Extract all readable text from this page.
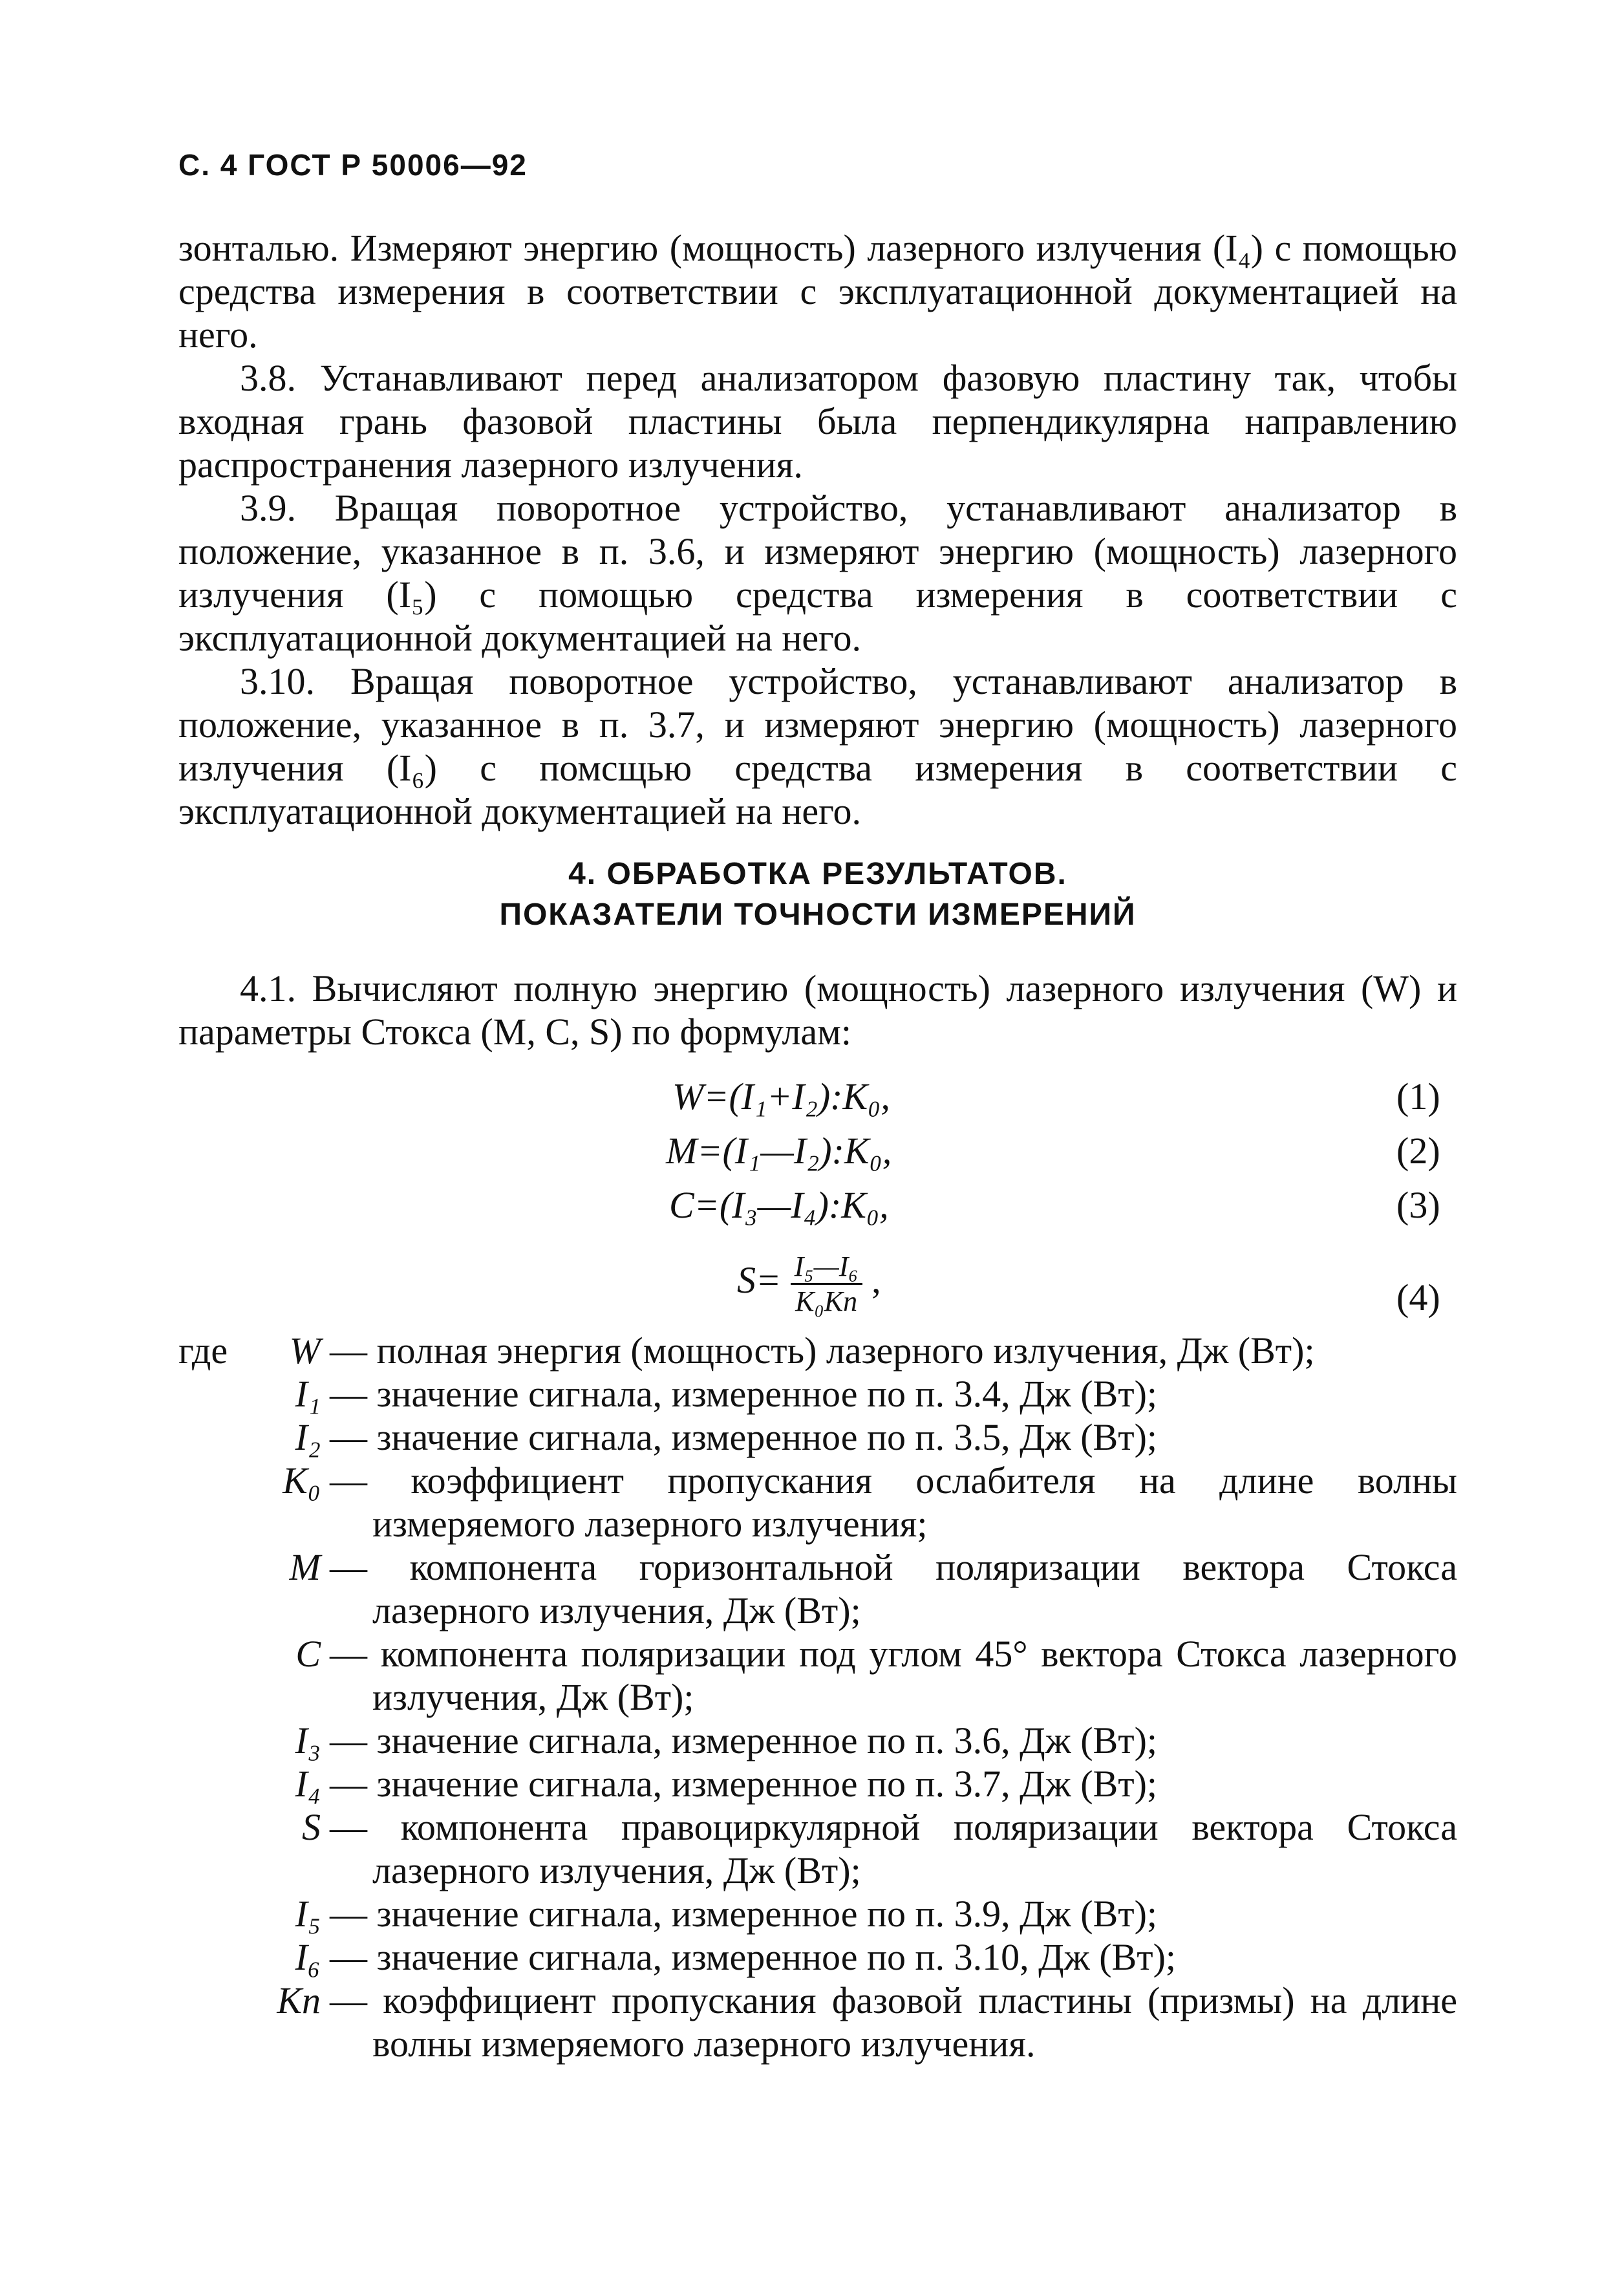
С. 4 ГОСТ Р 50006—92

зонталью. Измеряют энергию (мощность) лазерного излучения (I₄) с помощью средства измерения в соответствии с эксплуатационной документацией на него.

3.8. Устанавливают перед анализатором фазовую пластину так, чтобы входная грань фазовой пластины была перпендикулярна направлению распространения лазерного излучения.

3.9. Вращая поворотное устройство, устанавливают анализатор в положение, указанное в п. 3.6, и измеряют энергию (мощность) лазерного излучения (I₅) с помощью средства измерения в соответствии с эксплуатационной документацией на него.

3.10. Вращая поворотное устройство, устанавливают анализатор в положение, указанное в п. 3.7, и измеряют энергию (мощность) лазерного излучения (I₆) с помсщью средства измерения в соответствии с эксплуатационной документацией на него.

4. ОБРАБОТКА РЕЗУЛЬТАТОВ.
ПОКАЗАТЕЛИ ТОЧНОСТИ ИЗМЕРЕНИЙ

4.1. Вычисляют полную энергию (мощность) лазерного излучения (W) и параметры Стокса (M, C, S) по формулам:

W=(I₁+I₂):K₀,	(1)
M=(I₁—I₂):K₀,	(2)
C=(I₃—I₄):K₀,	(3)
$S= \frac{\text{I₅—I₆}}{\text{K₀Kп}}$ ,	(4)
где	W — полная энергия (мощность) лазерного излучения, Дж (Вт);
I₁ — значение сигнала, измеренное по п. 3.4, Дж (Вт);
I₂ — значение сигнала, измеренное по п. 3.5, Дж (Вт);
K₀ — коэффициент пропускания ослабителя на длине волны измеряемого лазерного излучения;
M — компонента горизонтальной поляризации вектора Стокса лазерного излучения, Дж (Вт);
C — компонента поляризации под углом 45° вектора Стокса лазерного излучения, Дж (Вт);
I₃ — значение сигнала, измеренное по п. 3.6, Дж (Вт);
I₄ — значение сигнала, измеренное по п. 3.7, Дж (Вт);
S — компонента правоциркулярной поляризации вектора Стокса лазерного излучения, Дж (Вт);
I₅ — значение сигнала, измеренное по п. 3.9, Дж (Вт);
I₆ — значение сигнала, измеренное по п. 3.10, Дж (Вт);
Kп — коэффициент пропускания фазовой пластины (призмы) на длине волны измеряемого лазерного излучения.
